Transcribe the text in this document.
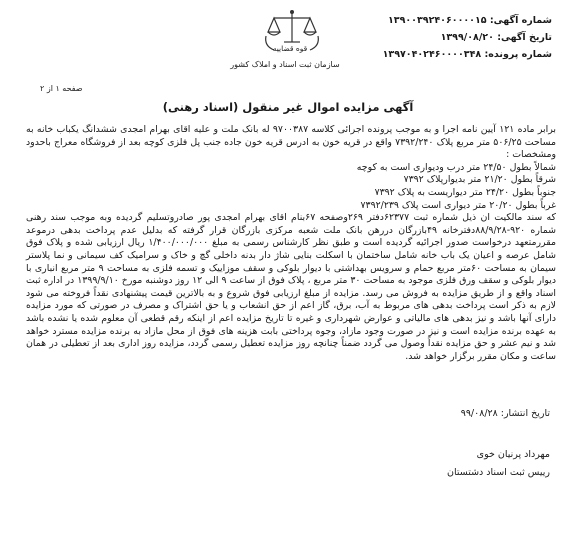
شماره آگهی: ۱۳۹۰۰۳۹۲۴۰۶۰۰۰۰۱۵
تاریخ آگهی: ۱۳۹۹/۰۸/۲۰
شماره پرونده: ۱۳۹۷۰۴۰۲۴۶۰۰۰۰۳۴۸
قوه قضاییه
سازمان ثبت اسناد و املاک کشور
صفحه ۱ از ۲
آگهی مزایده اموال غیر منقول (اسناد رهنی)

برابر ماده ۱۲۱ آیین نامه اجرا و به موجب پرونده اجرائی کلاسه ۹۷۰۰۳۸۷ له بانک ملت و علیه اقای بهرام امجدی ششدانگ یکباب خانه به مساحت ۵۰۶/۲۵ متر مربع پلاک ۷۳۹۲/۲۴۰ واقع در قریه خون به ادرس قریه خون جاده جنب پل فلزی کوچه بعد از فروشگاه معراج باحدود ومشخصات :

شمالاً بطول ۲۴/۵۰ متر درب ودیواری است به کوچه
شرقاً بطول ۲۱/۲۰ متر بدیوارپلاک ۷۳۹۲
جنوباً بطول ۲۴/۲۰ متر دیواریست به پلاک ۷۳۹۲
غرباً بطول ۲۰/۲۰ متر دیواری است پلاک ۷۳۹۲/۲۳۹

که سند مالکیت ان ذیل شماره ثبت ۶۲۳۷۷دفتر ۲۶۹وصفحه ۶۷بنام اقای بهرام امجدی پور صادروتسلیم گردیده وبه موجب سند رهنی شماره ۹۲۰-۸۸/۹/۲۸دفترخانه ۴۹بازرگان دررهن بانک ملت شعبه مرکزی بازرگان قرار گرفته که بدلیل عدم پرداخت بدهی درموعد مقررمتعهد درخواست صدور اجرائیه گردیده است و طبق نظر کارشناس رسمی به مبلغ ۱/۴۰۰/۰۰۰/۰۰۰ ریال ارزیابی شده و پلاک فوق شامل عرصه و اعیان یک باب خانه شامل ساختمان با اسکلت بنایی شاژ دار بدنه داخلی گچ و خاک و سرامیک کف سیمانی و نما پلاستر سیمان به مساحت ۶۰متر مربع حمام و سرویس بهداشتی با دیوار بلوکی و سقف موزاییک و تسمه فلزی به مساحت ۹ متر مربع انباری با دیوار بلوکی و سقف ورق فلزی موجود به مساحت ۳۰ متر مربع ، پلاک فوق از ساعت ۹ الی ۱۲ روز دوشنبه مورخ ۱۳۹۹/۹/۱۰ در اداره ثبت اسناد واقع و از طریق مزایده به فروش می رسد. مزایده از مبلغ ارزیابی فوق شروع و به بالاترین قیمت پیشنهادی نقداً فروخته می شود لازم به ذکر است پرداخت بدهی های مربوط به آب، برق، گاز اعم از حق انشعاب و یا حق اشتراک و مصرف در صورتی که مورد مزایده دارای آنها باشد و نیز بدهی های مالیاتی و عوارض شهرداری و غیره تا تاریخ مزایده اعم از اینکه رقم قطعی آن معلوم شده یا نشده باشد به عهده برنده مزایده است و نیز در صورت وجود مازاد، وجوه پرداختی بابت هزینه های فوق از محل مازاد به برنده مزایده مسترد خواهد شد و نیم عشر و حق مزایده نقداً وصول می گردد ضمناً چنانچه روز مزایده تعطیل رسمی گردد، مزایده روز اداری بعد از تعطیلی در همان ساعت و مکان مقرر برگزار خواهد شد.

تاریخ انتشار: ۹۹/۰۸/۲۸
مهرداد پرنیان خوی
رییس ثبت اسناد دشتستان
